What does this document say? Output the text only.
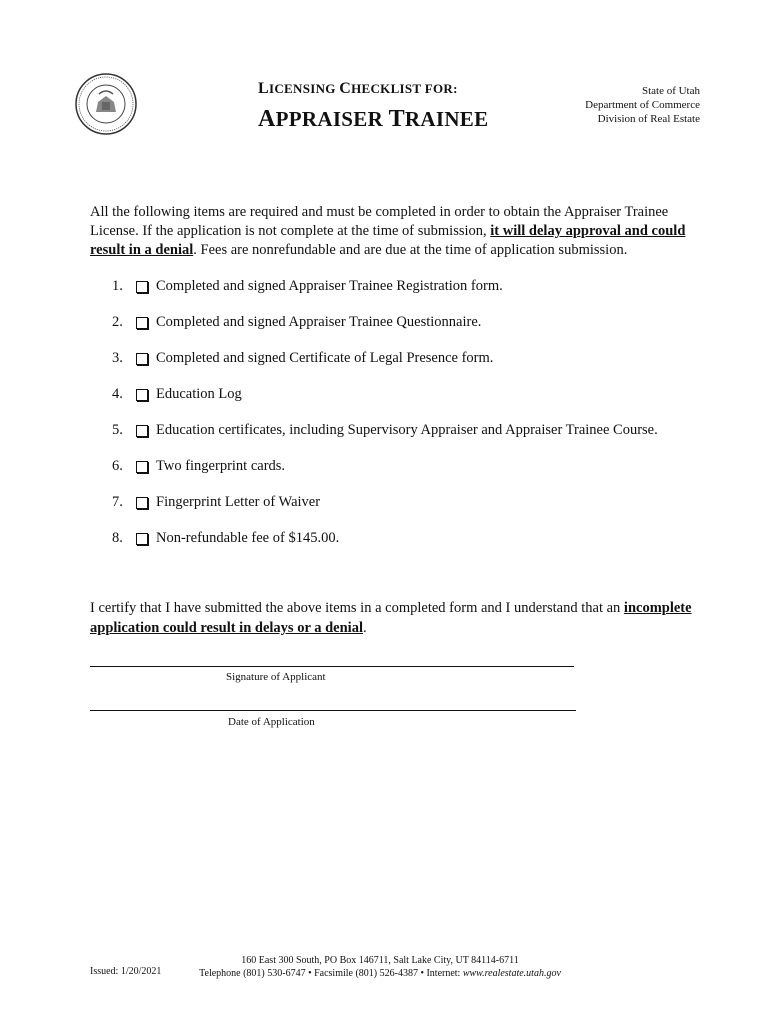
LICENSING CHECKLIST FOR:
APPRAISER TRAINEE
State of Utah
Department of Commerce
Division of Real Estate
All the following items are required and must be completed in order to obtain the Appraiser Trainee License. If the application is not complete at the time of submission, it will delay approval and could result in a denial. Fees are nonrefundable and are due at the time of application submission.
1.	Completed and signed Appraiser Trainee Registration form.
2.	Completed and signed Appraiser Trainee Questionnaire.
3.	Completed and signed Certificate of Legal Presence form.
4.	Education Log
5.	Education certificates, including Supervisory Appraiser and Appraiser Trainee Course.
6.	Two fingerprint cards.
7.	Fingerprint Letter of Waiver
8.	Non-refundable fee of $145.00.
I certify that I have submitted the above items in a completed form and I understand that an incomplete application could result in delays or a denial.
Signature of Applicant
Date of Application
Issued: 1/20/2021
160 East 300 South, PO Box 146711, Salt Lake City, UT 84114-6711
Telephone (801) 530-6747 • Facsimile (801) 526-4387 • Internet: www.realestate.utah.gov
